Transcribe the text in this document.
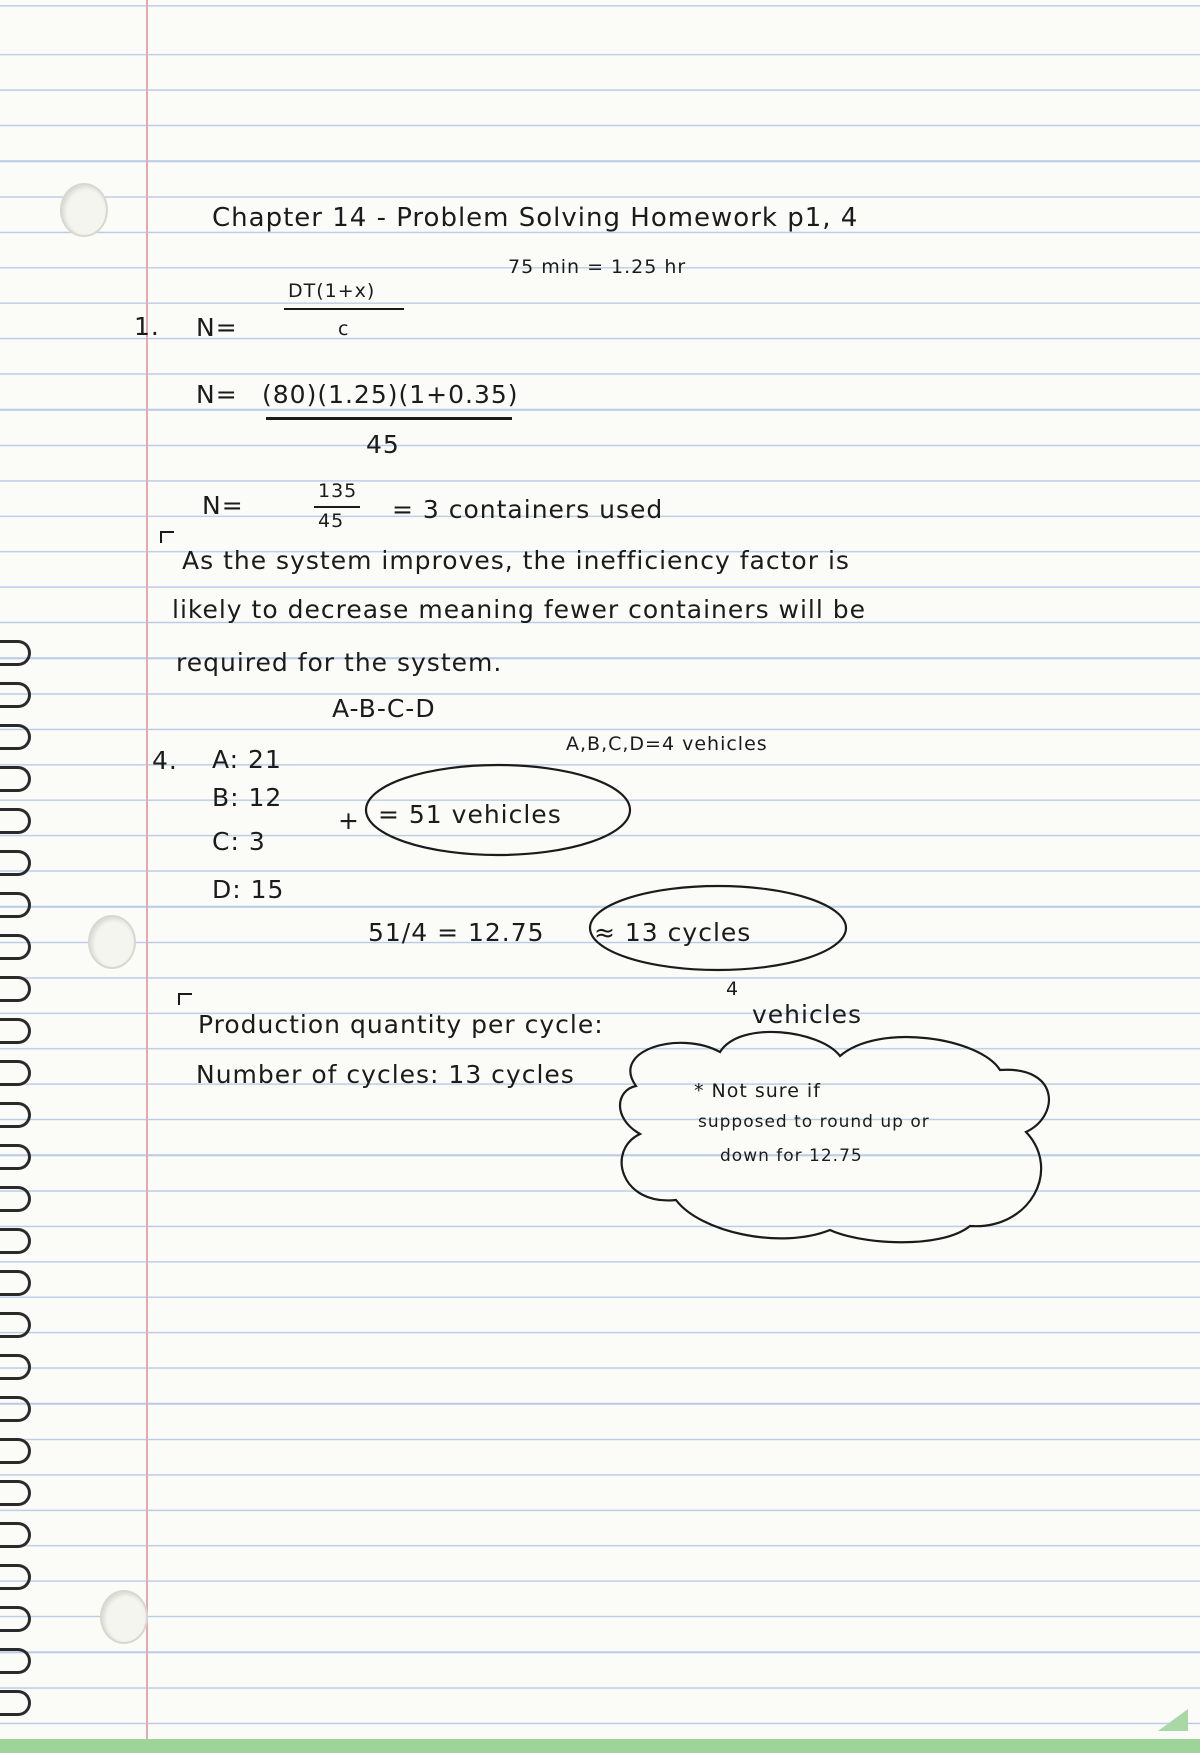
Chapter 14 - Problem Solving Homework p1, 4
75 min = 1.25 hr
1. N=
DT(1+x)
c
N= (80)(1.25)(1+0.35)
45
N=	135
45 = 3 containers used
As the system improves, the inefficiency factor is
likely to decrease meaning fewer containers will be
required for the system.
A-B-C-D
4.
A,B,C,D=4 vehicles
A: 21
B: 12
C: 3
D: 15
+ = 51 vehicles
51/4 = 12.75 ≈ 13 cycles
Production quantity per cycle:
4
vehicles
Number of cycles: 13 cycles
* Not sure if
supposed to round up or
down for 12.75
